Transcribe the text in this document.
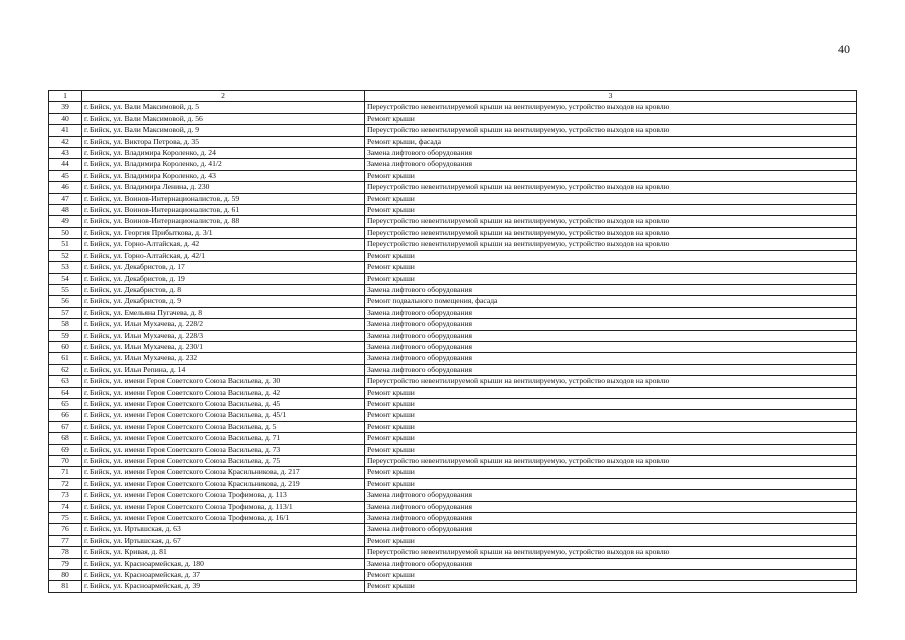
40
1	2	3
39	г. Бийск, ул. Вали Максимовой, д. 5	Переустройство невентилируемой крыши на вентилируемую, устройство выходов на кровлю
40	г. Бийск, ул. Вали Максимовой, д. 56	Ремонт крыши
41	г. Бийск, ул. Вали Максимовой, д. 9	Переустройство невентилируемой крыши на вентилируемую, устройство выходов на кровлю
42	г. Бийск, ул. Виктора Петрова, д. 35	Ремонт крыши, фасада
43	г. Бийск, ул. Владимира Короленко, д. 24	Замена лифтового оборудования
44	г. Бийск, ул. Владимира Короленко, д. 41/2	Замена лифтового оборудования
45	г. Бийск, ул. Владимира Короленко, д. 43	Ремонт крыши
46	г. Бийск, ул. Владимира Ленина, д. 230	Переустройство невентилируемой крыши на вентилируемую, устройство выходов на кровлю
47	г. Бийск, ул. Воинов-Интернационалистов, д. 59	Ремонт крыши
48	г. Бийск, ул. Воинов-Интернационалистов, д. 61	Ремонт крыши
49	г. Бийск, ул. Воинов-Интернационалистов, д. 88	Переустройство невентилируемой крыши на вентилируемую, устройство выходов на кровлю
50	г. Бийск, ул. Георгия Прибыткова, д. 3/1	Переустройство невентилируемой крыши на вентилируемую, устройство выходов на кровлю
51	г. Бийск, ул. Горно-Алтайская, д. 42	Переустройство невентилируемой крыши на вентилируемую, устройство выходов на кровлю
52	г. Бийск, ул. Горно-Алтайская, д. 42/1	Ремонт крыши
53	г. Бийск, ул. Декабристов, д. 17	Ремонт крыши
54	г. Бийск, ул. Декабристов, д. 19	Ремонт крыши
55	г. Бийск, ул. Декабристов, д. 8	Замена лифтового оборудования
56	г. Бийск, ул. Декабристов, д. 9	Ремонт подвального помещения, фасада
57	г. Бийск, ул. Емельяна Пугачева, д. 8	Замена лифтового оборудования
58	г. Бийск, ул. Ильи Мухачева, д. 228/2	Замена лифтового оборудования
59	г. Бийск, ул. Ильи Мухачева, д. 228/3	Замена лифтового оборудования
60	г. Бийск, ул. Ильи Мухачева, д. 230/1	Замена лифтового оборудования
61	г. Бийск, ул. Ильи Мухачева, д. 232	Замена лифтового оборудования
62	г. Бийск, ул. Ильи Репина, д. 14	Замена лифтового оборудования
63	г. Бийск, ул. имени Героя Советского Союза Васильева, д. 30	Переустройство невентилируемой крыши на вентилируемую, устройство выходов на кровлю
64	г. Бийск, ул. имени Героя Советского Союза Васильева, д. 42	Ремонт крыши
65	г. Бийск, ул. имени Героя Советского Союза Васильева, д. 45	Ремонт крыши
66	г. Бийск, ул. имени Героя Советского Союза Васильева, д. 45/1	Ремонт крыши
67	г. Бийск, ул. имени Героя Советского Союза Васильева, д. 5	Ремонт крыши
68	г. Бийск, ул. имени Героя Советского Союза Васильева, д. 71	Ремонт крыши
69	г. Бийск, ул. имени Героя Советского Союза Васильева, д. 73	Ремонт крыши
70	г. Бийск, ул. имени Героя Советского Союза Васильева, д. 75	Переустройство невентилируемой крыши на вентилируемую, устройство выходов на кровлю
71	г. Бийск, ул. имени Героя Советского Союза Красильникова, д. 217	Ремонт крыши
72	г. Бийск, ул. имени Героя Советского Союза Красильникова, д. 219	Ремонт крыши
73	г. Бийск, ул. имени Героя Советского Союза Трофимова, д. 113	Замена лифтового оборудования
74	г. Бийск, ул. имени Героя Советского Союза Трофимова, д. 113/1	Замена лифтового оборудования
75	г. Бийск, ул. имени Героя Советского Союза Трофимова, д. 16/1	Замена лифтового оборудования
76	г. Бийск, ул. Иртышская, д. 63	Замена лифтового оборудования
77	г. Бийск, ул. Иртышская, д. 67	Ремонт крыши
78	г. Бийск, ул. Кривая, д. 81	Переустройство невентилируемой крыши на вентилируемую, устройство выходов на кровлю
79	г. Бийск, ул. Красноармейская, д. 180	Замена лифтового оборудования
80	г. Бийск, ул. Красноармейская, д. 37	Ремонт крыши
81	г. Бийск, ул. Красноармейская, д. 39	Ремонт крыши
